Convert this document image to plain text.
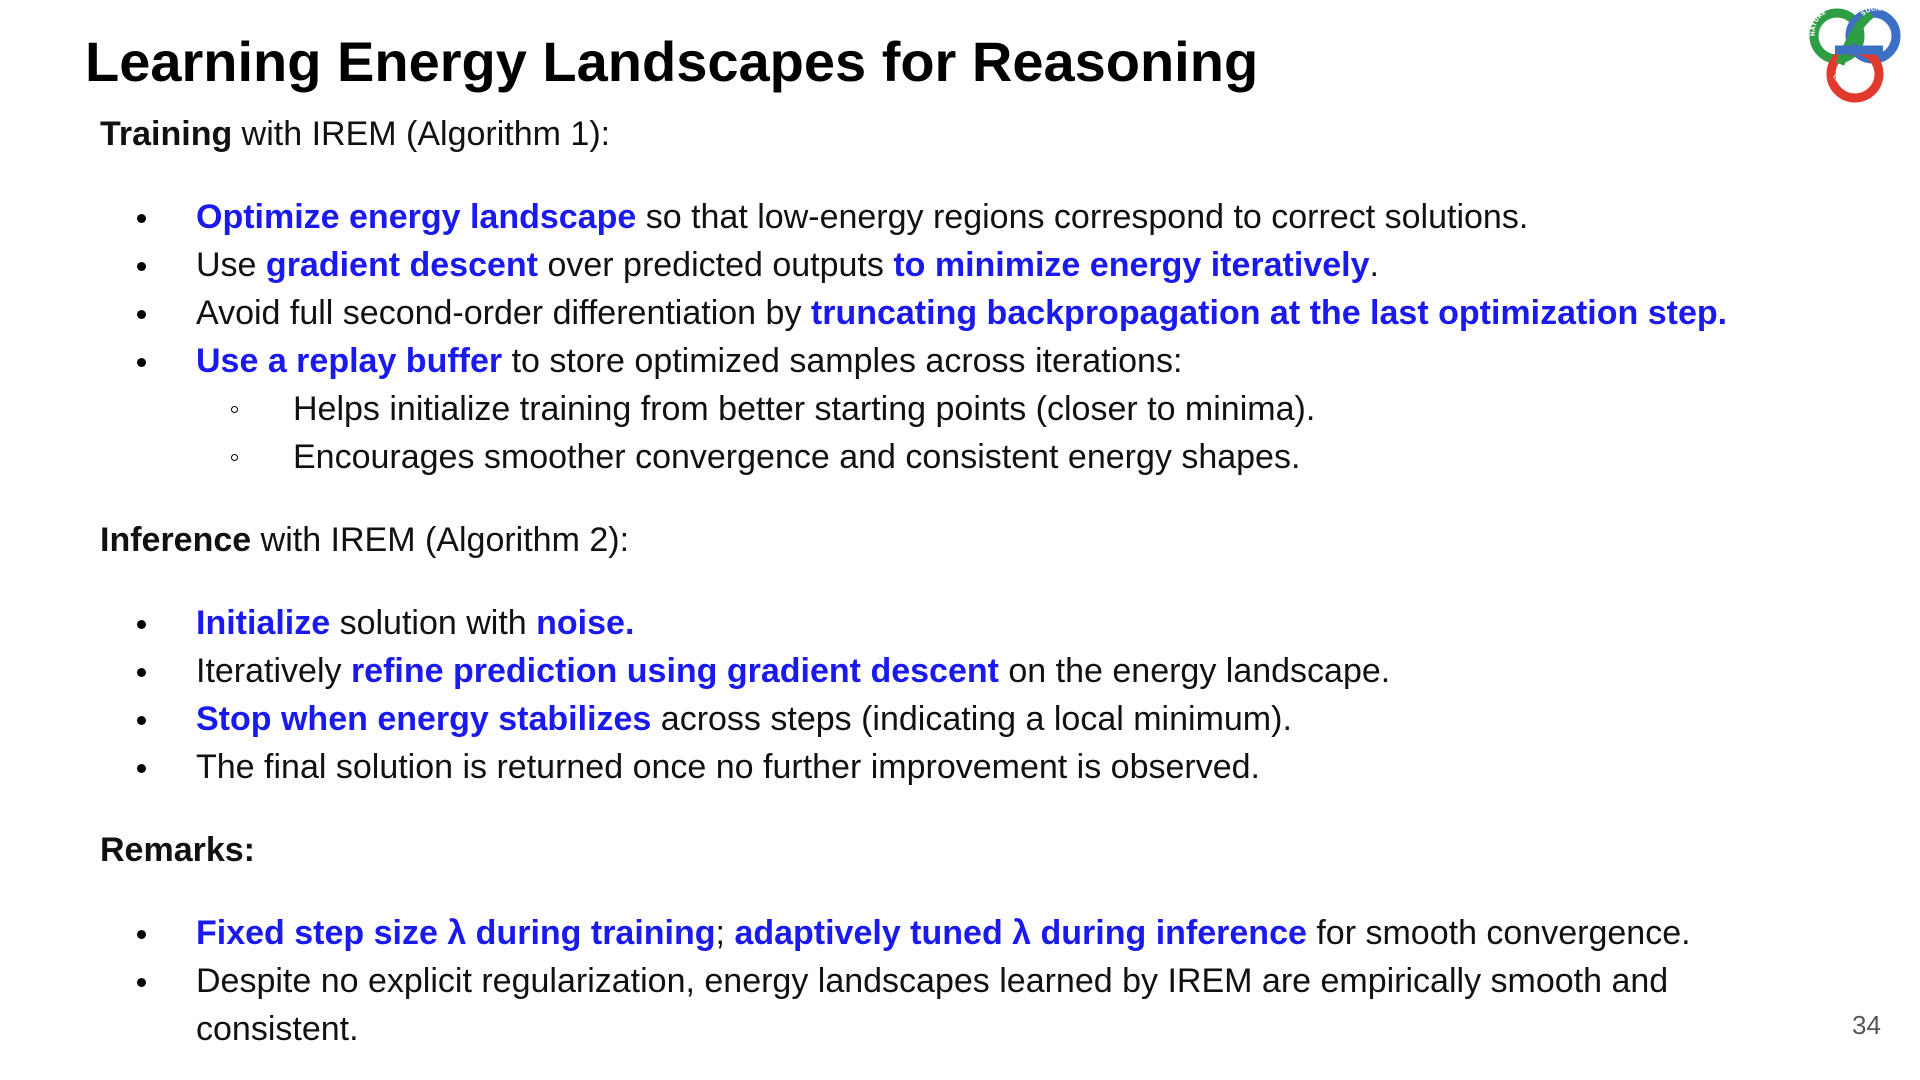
Learning Energy Landscapes for Reasoning	NATURE	SOCIETY
COMPUTATION

Training with IREM (Algorithm 1):

Optimize energy landscape so that low-energy regions correspond to correct solutions.
Use gradient descent over predicted outputs to minimize energy iteratively.
Avoid full second-order differentiation by truncating backpropagation at the last optimization step.
Use a replay buffer to store optimized samples across iterations:
Helps initialize training from better starting points (closer to minima).
Encourages smoother convergence and consistent energy shapes.

Inference with IREM (Algorithm 2):

Initialize solution with noise.
Iteratively refine prediction using gradient descent on the energy landscape.
Stop when energy stabilizes across steps (indicating a local minimum).
The final solution is returned once no further improvement is observed.

Remarks:

Fixed step size λ during training; adaptively tuned λ during inference for smooth convergence.
Despite no explicit regularization, energy landscapes learned by IREM are empirically smooth and consistent.	34
